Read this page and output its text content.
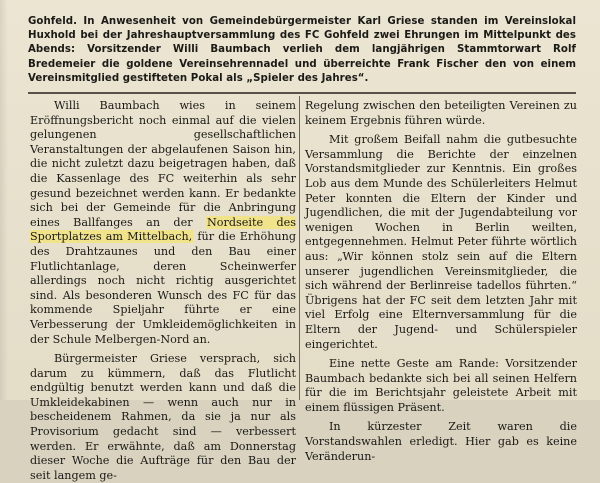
Gohfeld. In Anwesenheit von Gemeindebürgermeister Karl Griese standen im Vereinslokal Huxhold bei der Jahreshauptversammlung des FC Gohfeld zwei Ehrungen im Mittelpunkt des Abends: Vorsitzender Willi Baumbach verlieh dem langjährigen Stammtorwart Rolf Bredemeier die goldene Vereinsehrennadel und überreichte Frank Fischer den von einem Vereinsmitglied gestifteten Pokal als „Spieler des Jahres“.

Willi Baumbach wies in seinem Eröffnungsbericht noch einmal auf die vielen gelungenen gesellschaftlichen Veranstaltungen der abgelaufenen Saison hin, die nicht zuletzt dazu beigetragen haben, daß die Kassenlage des FC weiterhin als sehr gesund bezeichnet werden kann. Er bedankte sich bei der Gemeinde für die Anbringung eines Ballfanges an der Nordseite des Sportplatzes am Mittelbach, für die Erhöhung des Drahtzaunes und den Bau einer Flutlichtanlage, deren Scheinwerfer allerdings noch nicht richtig ausgerichtet sind. Als besonderen Wunsch des FC für das kommende Spieljahr führte er eine Verbesserung der Umkleidemöglichkeiten in der Schule Melbergen-Nord an.

Bürgermeister Griese versprach, sich darum zu kümmern, daß das Flutlicht endgültig benutzt werden kann und daß die Umkleidekabinen — wenn auch nur in bescheidenem Rahmen, da sie ja nur als Provisorium gedacht sind — verbessert werden. Er erwähnte, daß am Donnerstag dieser Woche die Aufträge für den Bau der seit langem ge-

Regelung zwischen den beteiligten Vereinen zu keinem Ergebnis führen würde.

Mit großem Beifall nahm die gutbesuchte Versammlung die Berichte der einzelnen Vorstandsmitglieder zur Kenntnis. Ein großes Lob aus dem Munde des Schülerleiters Helmut Peter konnten die Eltern der Kinder und Jugendlichen, die mit der Jugendabteilung vor wenigen Wochen in Berlin weilten, entgegennehmen. Helmut Peter führte wörtlich aus: „Wir können stolz sein auf die Eltern unserer jugendlichen Vereinsmitglieder, die sich während der Berlinreise tadellos führten.“ Übrigens hat der FC seit dem letzten Jahr mit viel Erfolg eine Elternversammlung für die Eltern der Jugend- und Schülerspieler eingerichtet.

Eine nette Geste am Rande: Vorsitzender Baumbach bedankte sich bei all seinen Helfern für die im Berichtsjahr geleistete Arbeit mit einem flüssigen Präsent.

In kürzester Zeit waren die Vorstandswahlen erledigt. Hier gab es keine Veränderun-
